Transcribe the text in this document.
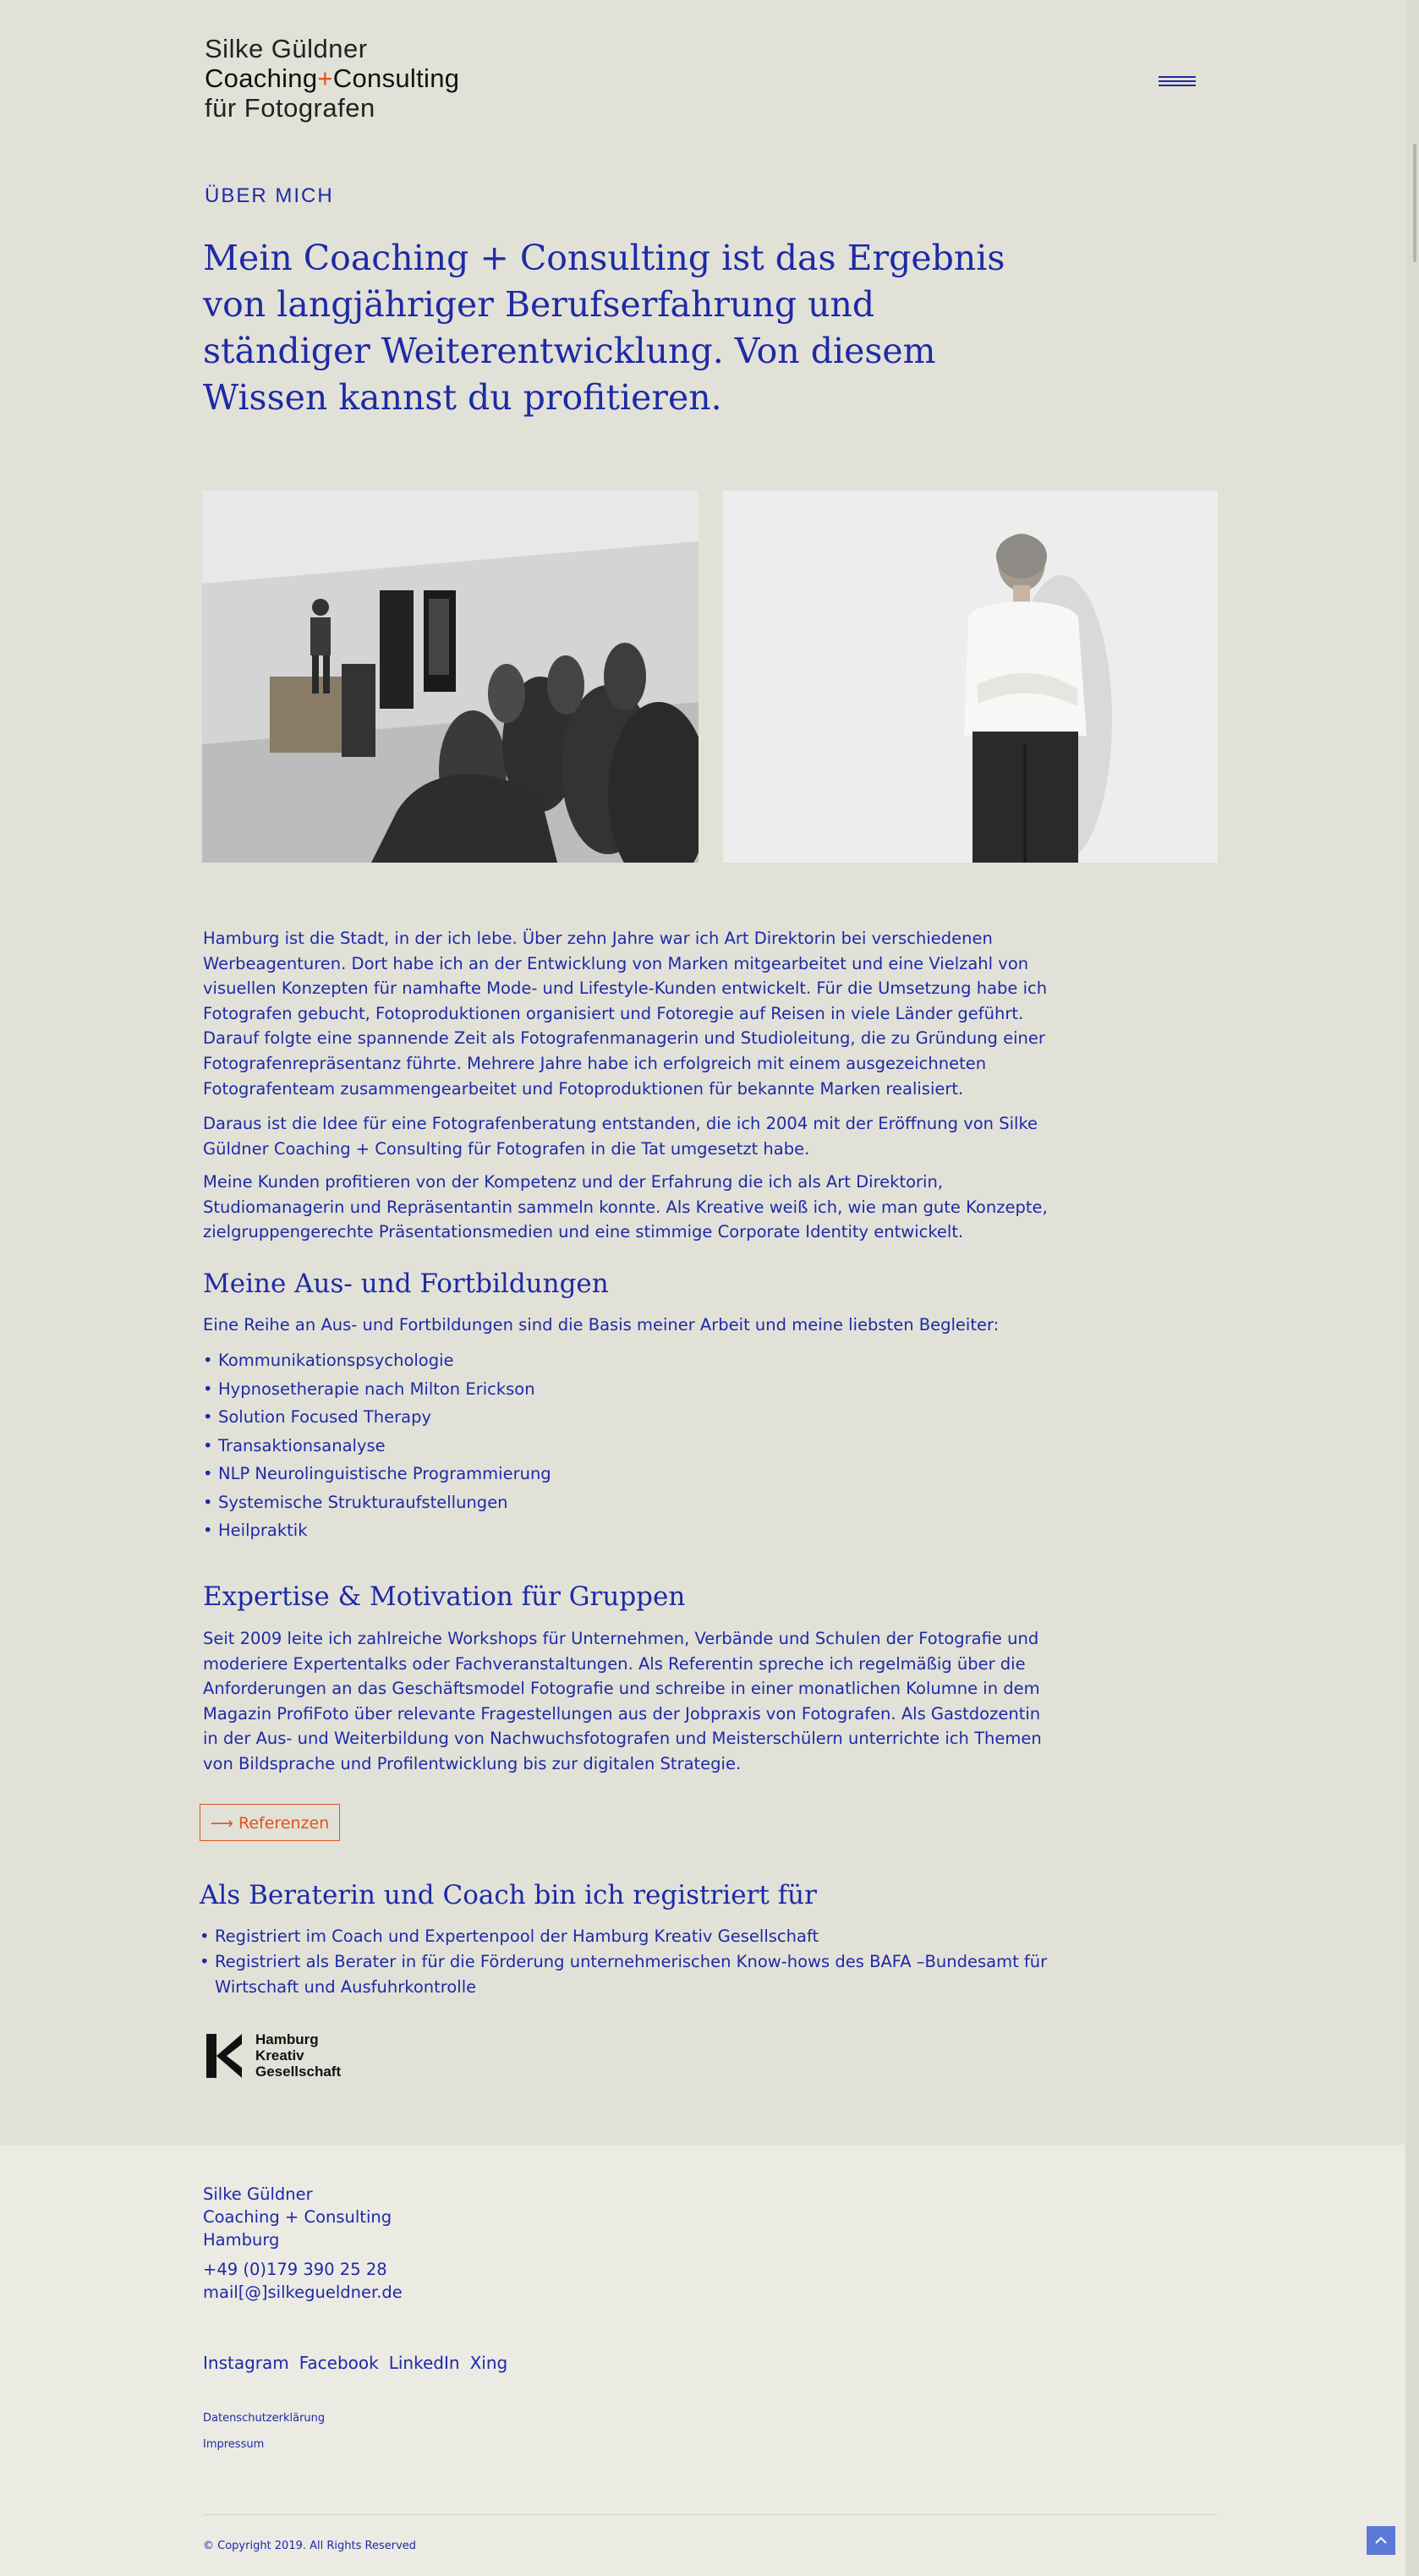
Silke Güldner
Coaching+Consulting
für Fotografen
ÜBER MICH
Mein Coaching + Consulting ist das Ergebnis von langjähriger Berufserfahrung und ständiger Weiterentwicklung. Von diesem Wissen kannst du profitieren.

Hamburg ist die Stadt, in der ich lebe. Über zehn Jahre war ich Art Direktorin bei verschiedenen Werbeagenturen. Dort habe ich an der Entwicklung von Marken mitgearbeitet und eine Vielzahl von visuellen Konzepten für namhafte Mode- und Lifestyle-Kunden entwickelt. Für die Umsetzung habe ich Fotografen gebucht, Fotoproduktionen organisiert und Fotoregie auf Reisen in viele Länder geführt. Darauf folgte eine spannende Zeit als Fotografenmanagerin und Studioleitung, die zu Gründung einer Fotografenrepräsentanz führte. Mehrere Jahre habe ich erfolgreich mit einem ausgezeichneten Fotografenteam zusammengearbeitet und Fotoproduktionen für bekannte Marken realisiert.

Daraus ist die Idee für eine Fotografenberatung entstanden, die ich 2004 mit der Eröffnung von Silke Güldner Coaching + Consulting für Fotografen in die Tat umgesetzt habe.

Meine Kunden profitieren von der Kompetenz und der Erfahrung die ich als Art Direktorin, Studiomanagerin und Repräsentantin sammeln konnte. Als Kreative weiß ich, wie man gute Konzepte, zielgruppengerechte Präsentationsmedien und eine stimmige Corporate Identity entwickelt.

Meine Aus- und Fortbildungen

Eine Reihe an Aus- und Fortbildungen sind die Basis meiner Arbeit und meine liebsten Begleiter:

• Kommunikationspsychologie
• Hypnosetherapie nach Milton Erickson
• Solution Focused Therapy
• Transaktionsanalyse
• NLP Neurolinguistische Programmierung
• Systemische Strukturaufstellungen
• Heilpraktik
Expertise & Motivation für Gruppen

Seit 2009 leite ich zahlreiche Workshops für Unternehmen, Verbände und Schulen der Fotografie und moderiere Expertentalks oder Fachveranstaltungen. Als Referentin spreche ich regelmäßig über die Anforderungen an das Geschäftsmodel Fotografie und schreibe in einer monatlichen Kolumne in dem Magazin ProfiFoto über relevante Fragestellungen aus der Jobpraxis von Fotografen. Als Gastdozentin in der Aus- und Weiterbildung von Nachwuchsfotografen und Meisterschülern unterrichte ich Themen von Bildsprache und Profilentwicklung bis zur digitalen Strategie.

⟶ Referenzen
Als Beraterin und Coach bin ich registriert für
• Registriert im Coach und Expertenpool der Hamburg Kreativ Gesellschaft
• Registriert als Berater in für die Förderung unternehmerischen Know-hows des BAFA –Bundesamt für Wirtschaft und Ausfuhrkontrolle
Hamburg
Kreativ
Gesellschaft

Silke Güldner

Coaching + Consulting

Hamburg

+49 (0)179 390 25 28

mail[@]silkegueldner.de

Instagram Facebook LinkedIn Xing
Datenschutzerklärung
Impressum
© Copyright 2019. All Rights Reserved
